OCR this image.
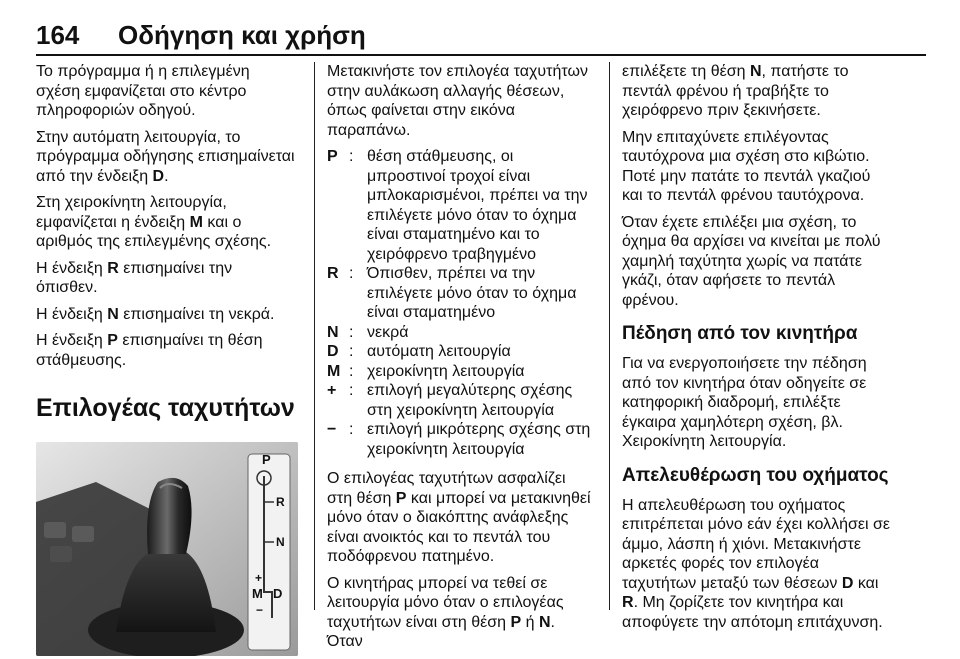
164 Οδήγηση και χρήση

Το πρόγραμμα ή η επιλεγμένη σχέση εμφανίζεται στο κέντρο πληροφοριών οδηγού.

Στην αυτόματη λειτουργία, το πρόγραμμα οδήγησης επισημαίνεται από την ένδειξη D.

Στη χειροκίνητη λειτουργία, εμφανίζεται η ένδειξη M και ο αριθμός της επιλεγμένης σχέσης.

Η ένδειξη R επισημαίνει την όπισθεν.

Η ένδειξη N επισημαίνει τη νεκρά.

Η ένδειξη P επισημαίνει τη θέση στάθμευσης.

Επιλογέας ταχυτήτων
P
R
N
+
M D
−

Μετακινήστε τον επιλογέα ταχυτήτων στην αυλάκωση αλλαγής θέσεων, όπως φαίνεται στην εικόνα παραπάνω.

P : θέση στάθμευσης, οι μπροστινοί τροχοί είναι μπλοκαρισμένοι, πρέπει να την επιλέγετε μόνο όταν το όχημα είναι σταματημένο και το χειρόφρενο τραβηγμένο
R : Όπισθεν, πρέπει να την επιλέγετε μόνο όταν το όχημα είναι σταματημένο
N : νεκρά
D : αυτόματη λειτουργία
M : χειροκίνητη λειτουργία
+ : επιλογή μεγαλύτερης σχέσης στη χειροκίνητη λειτουργία
− : επιλογή μικρότερης σχέσης στη χειροκίνητη λειτουργία

Ο επιλογέας ταχυτήτων ασφαλίζει στη θέση P και μπορεί να μετακινηθεί μόνο όταν ο διακόπτης ανάφλεξης είναι ανοικτός και το πεντάλ του ποδόφρενου πατημένο.

Ο κινητήρας μπορεί να τεθεί σε λειτουργία μόνο όταν ο επιλογέας ταχυτήτων είναι στη θέση P ή N. Όταν

επιλέξετε τη θέση N, πατήστε το πεντάλ φρένου ή τραβήξτε το χειρόφρενο πριν ξεκινήσετε.

Μην επιταχύνετε επιλέγοντας ταυτόχρονα μια σχέση στο κιβώτιο. Ποτέ μην πατάτε το πεντάλ γκαζιού και το πεντάλ φρένου ταυτόχρονα.

Όταν έχετε επιλέξει μια σχέση, το όχημα θα αρχίσει να κινείται με πολύ χαμηλή ταχύτητα χωρίς να πατάτε γκάζι, όταν αφήσετε το πεντάλ φρένου.

Πέδηση από τον κινητήρα

Για να ενεργοποιήσετε την πέδηση από τον κινητήρα όταν οδηγείτε σε κατηφορική διαδρομή, επιλέξτε έγκαιρα χαμηλότερη σχέση, βλ. Χειροκίνητη λειτουργία.

Απελευθέρωση του οχήματος

Η απελευθέρωση του οχήματος επιτρέπεται μόνο εάν έχει κολλήσει σε άμμο, λάσπη ή χιόνι. Μετακινήστε αρκετές φορές τον επιλογέα ταχυτήτων μεταξύ των θέσεων D και R. Μη ζορίζετε τον κινητήρα και αποφύγετε την απότομη επιτάχυνση.
